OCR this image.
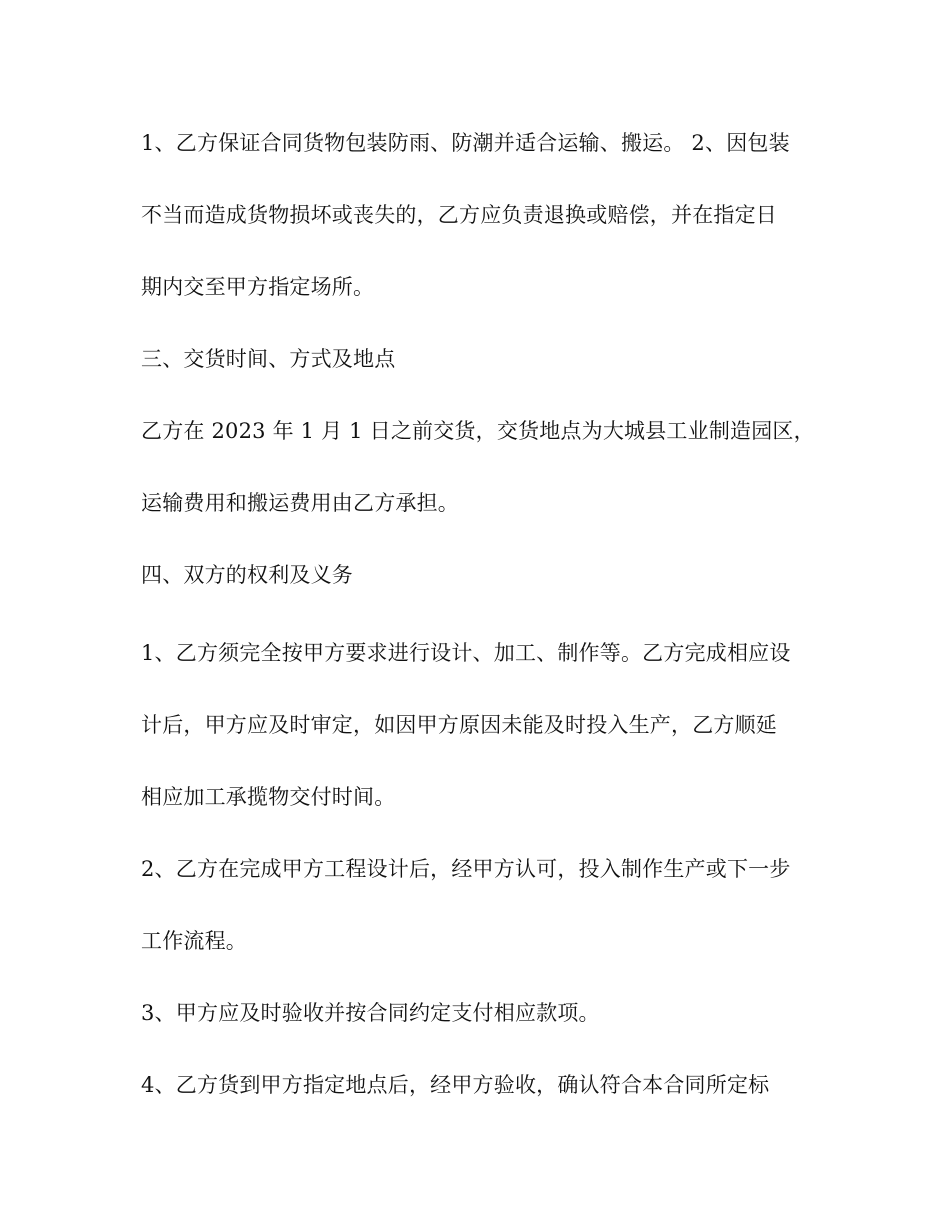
1、乙方保证合同货物包装防雨、防潮并适合运输、搬运。 2、因包装
不当而造成货物损坏或丧失的，乙方应负责退换或赔偿，并在指定日
期内交至甲方指定场所。
三、交货时间、方式及地点
乙方在 2023 年 1 月 1 日之前交货，交货地点为大城县工业制造园区，
运输费用和搬运费用由乙方承担。
四、双方的权利及义务
1、乙方须完全按甲方要求进行设计、加工、制作等。乙方完成相应设
计后，甲方应及时审定，如因甲方原因未能及时投入生产，乙方顺延
相应加工承揽物交付时间。
2、乙方在完成甲方工程设计后，经甲方认可，投入制作生产或下一步
工作流程。
3、甲方应及时验收并按合同约定支付相应款项。
4、乙方货到甲方指定地点后，经甲方验收，确认符合本合同所定标
